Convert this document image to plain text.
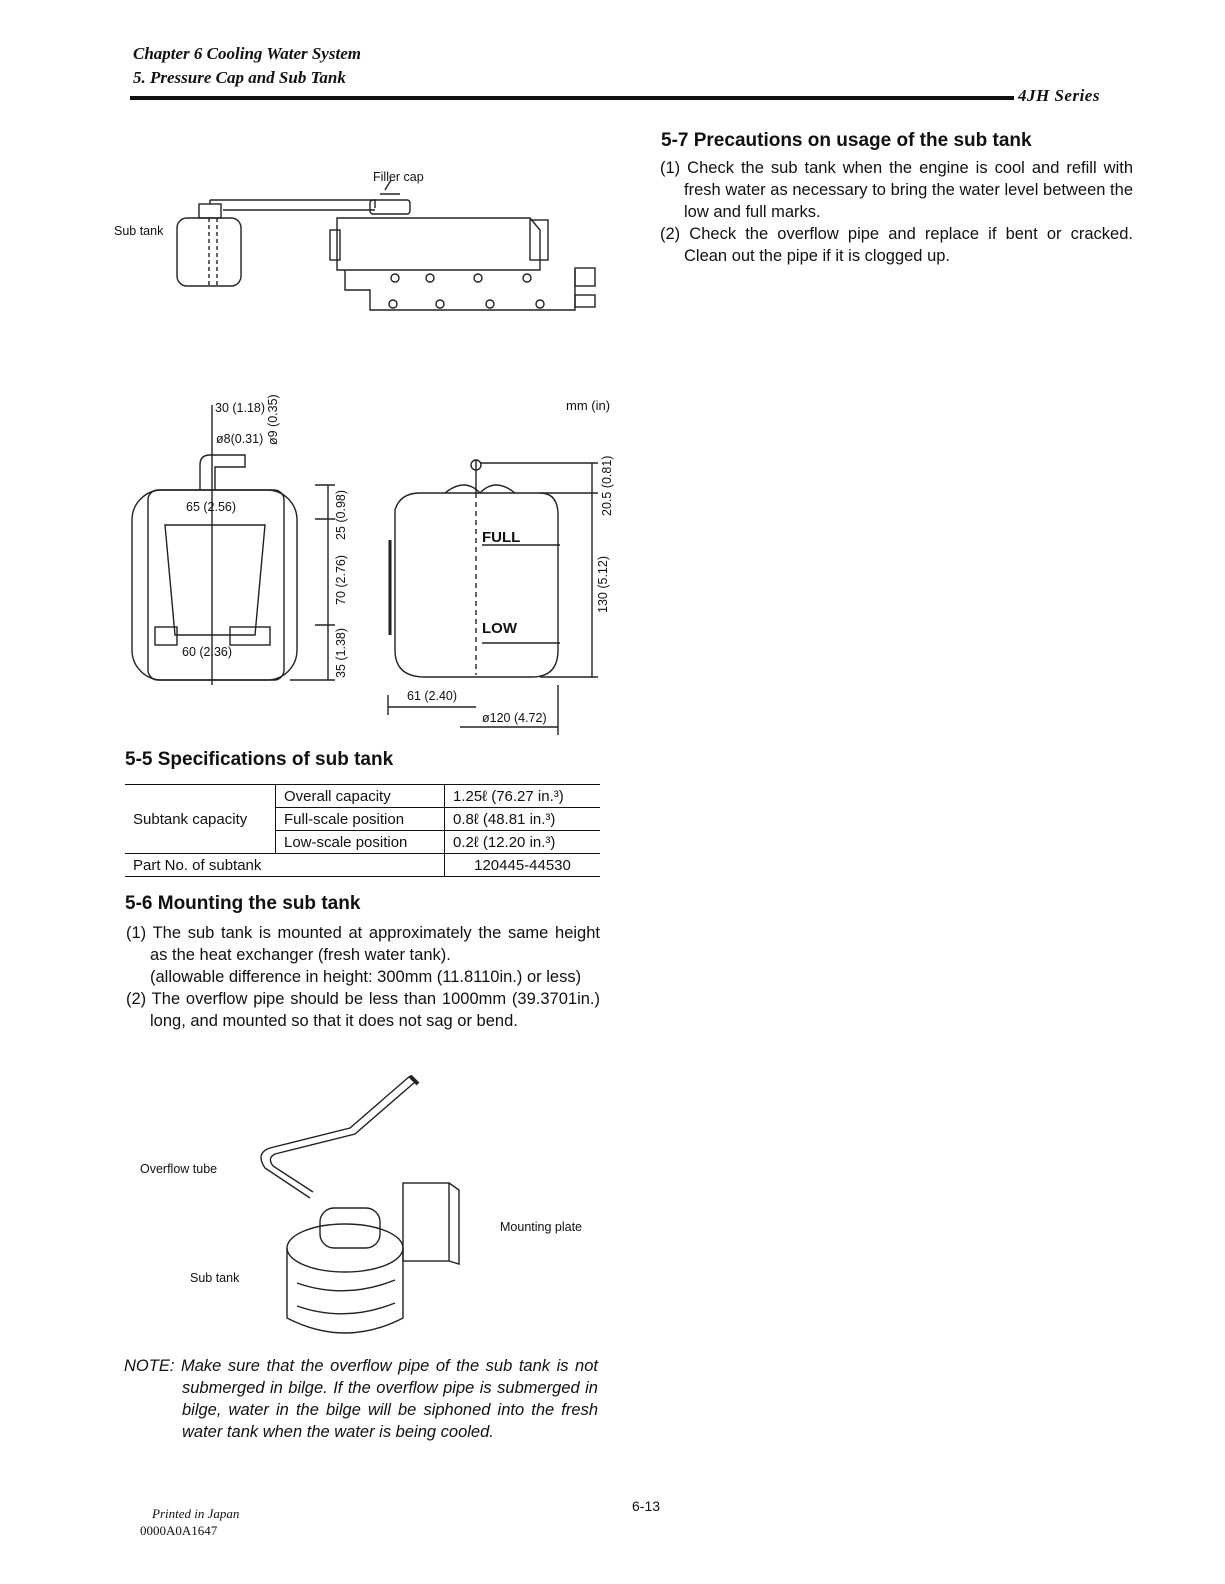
Chapter 6 Cooling Water System
5. Pressure Cap and Sub Tank
4JH Series
Filler cap
Sub tank
mm (in)
30 (1.18)
ø8(0.31) ø9 (0.35)
65 (2.56)
60 (2.36)
25 (0.98)
70 (2.76)
35 (1.38)
20.5 (0.81)
130 (5.12)
61 (2.40)
ø120 (4.72)
FULL
LOW
5-5 Specifications of sub tank
Subtank capacity	Overall capacity	1.25ℓ (76.27 in.³)
	Full-scale position	0.8ℓ (48.81 in.³)
	Low-scale position	0.2ℓ (12.20 in.³)
Part No. of subtank		120445-44530
5-6 Mounting the sub tank

(1) The sub tank is mounted at approximately the same height as the heat exchanger (fresh water tank).

(allowable difference in height: 300mm (11.8110in.) or less)

(2) The overflow pipe should be less than 1000mm (39.3701in.) long, and mounted so that it does not sag or bend.

Overflow tube
Mounting plate
Sub tank
NOTE: Make sure that the overflow pipe of the sub tank is not submerged in bilge. If the overflow pipe is submerged in bilge, water in the bilge will be siphoned into the fresh water tank when the water is being cooled.
5-7 Precautions on usage of the sub tank

(1) Check the sub tank when the engine is cool and refill with fresh water as necessary to bring the water level between the low and full marks.

(2) Check the overflow pipe and replace if bent or cracked. Clean out the pipe if it is clogged up.

Printed in Japan
0000A0A1647
6-13
